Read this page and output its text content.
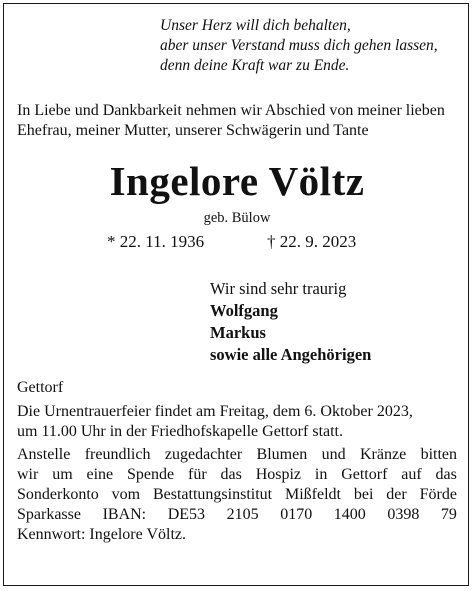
Unser Herz will dich behalten,
aber unser Verstand muss dich gehen lassen,
denn deine Kraft war zu Ende.
In Liebe und Dankbarkeit nehmen wir Abschied von meiner lieben
Ehefrau, meiner Mutter, unserer Schwägerin und Tante
Ingelore Völtz
geb. Bülow
* 22. 11. 1936	† 22. 9. 2023
Wir sind sehr traurig
Wolfgang
Markus
sowie alle Angehörigen
Gettorf
Die Urnentrauerfeier findet am Freitag, dem 6. Oktober 2023,
um 11.00 Uhr in der Friedhofskapelle Gettorf statt.
Anstelle freundlich zugedachter Blumen und Kränze bitten
wir um eine Spende für das Hospiz in Gettorf auf das
Sonderkonto vom Bestattungsinstitut Mißfeldt bei der Förde
Sparkasse IBAN: DE53 2105 0170 1400 0398 79
Kennwort: Ingelore Völtz.
